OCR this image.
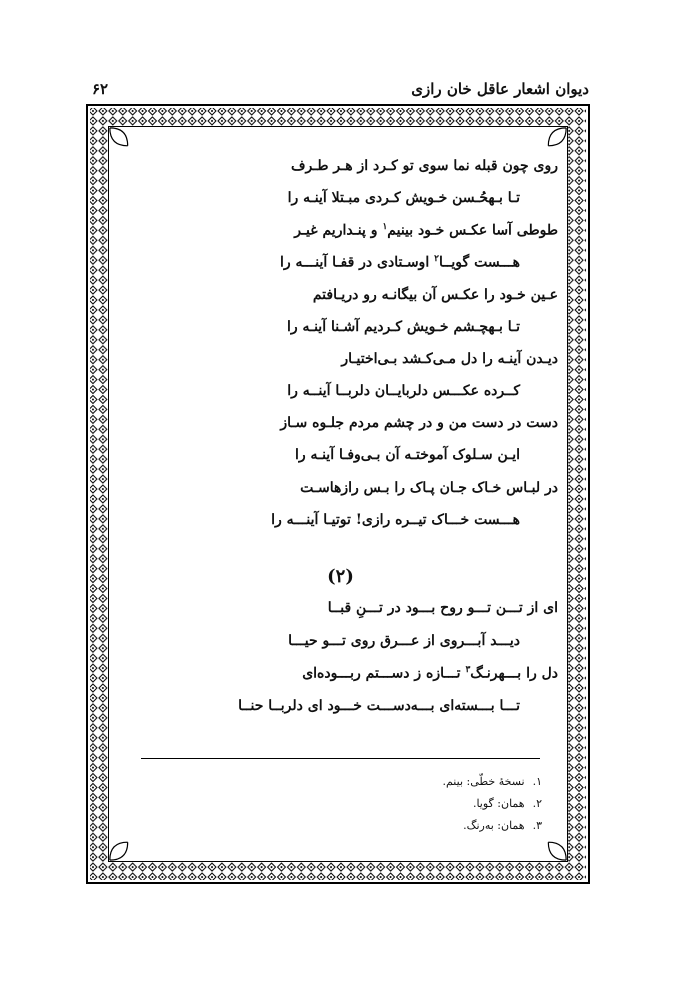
دیوان اشعار عاقل خان رازی
۶۲
روی چون قبله نما سوی تو کـرد از هـر طـرف
تـا بـهحُـسن خـویش کـردی مبـتلا آینـه را
طوطی آسا عکـس خـود بینیم$^۱$ و پنـداریم غیـر
هـــست گویــا$^۲$ اوسـتادی در قفـا آینـــه را
عـین خـود را عکـس آن بیگانـه رو دریـافتم
تـا بـهچـشم خـویش کـردیم آشـنا آینـه را
دیـدن آینـه را دل مـی‌کـشد بـی‌اختیـار
کــرده عکـــس دلربایــان دلربــا آینــه را
دست در دست من و در چشم مردم جلـوه سـاز
ایـن سـلوک آموختـه آن بـی‌وفـا آینـه را
در لبـاس خـاک جـان پـاک را بـس رازهاسـت
هـــست خـــاک تیــره رازی! توتیـا آینـــه را
(۲)
ای از تـــن تـــو روح بـــود در تـــنِ قبــا
دیـــد آبـــروی از عـــرق روی تـــو حیـــا
دل را بـــهرنـگ$^۳$ تـــازه ز دســـتم ربـــوده‌ای
تـــا بـــسته‌ای بـــه‌دســـت خـــود ای دلربــا حنــا
۱.نسخهٔ خطّی: بینم.
۲.همان: گویا.
۳.همان: به‌رنگ.
